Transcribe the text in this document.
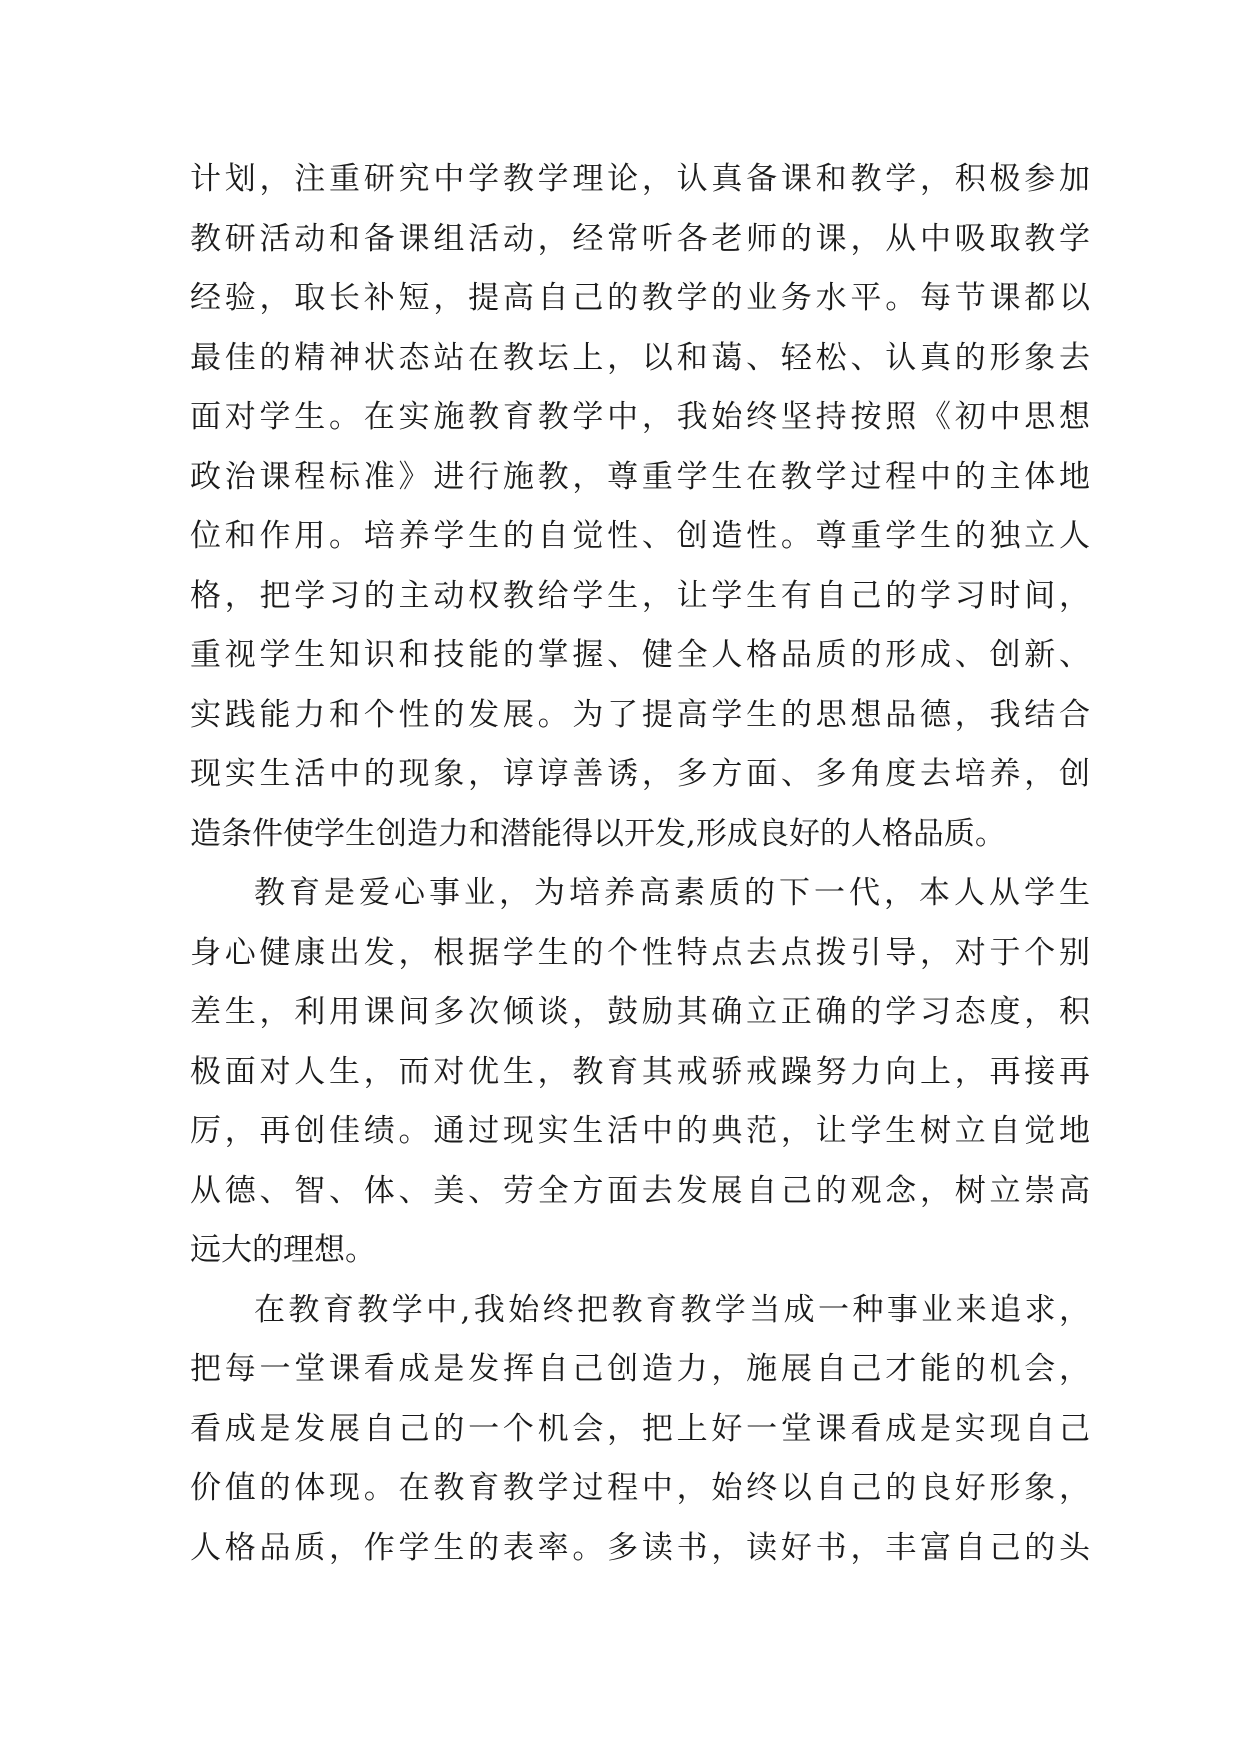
计划，注重研究中学教学理论，认真备课和教学，积极参加
教研活动和备课组活动，经常听各老师的课，从中吸取教学
经验，取长补短，提高自己的教学的业务水平。每节课都以
最佳的精神状态站在教坛上，以和蔼、轻松、认真的形象去
面对学生。在实施教育教学中，我始终坚持按照《初中思想
政治课程标准》进行施教，尊重学生在教学过程中的主体地
位和作用。培养学生的自觉性、创造性。尊重学生的独立人
格，把学习的主动权教给学生，让学生有自己的学习时间，
重视学生知识和技能的掌握、健全人格品质的形成、创新、
实践能力和个性的发展。为了提高学生的思想品德，我结合
现实生活中的现象，谆谆善诱，多方面、多角度去培养，创
造条件使学生创造力和潜能得以开发,形成良好的人格品质。
教育是爱心事业，为培养高素质的下一代，本人从学生
身心健康出发，根据学生的个性特点去点拨引导，对于个别
差生，利用课间多次倾谈，鼓励其确立正确的学习态度，积
极面对人生，而对优生，教育其戒骄戒躁努力向上，再接再
厉，再创佳绩。通过现实生活中的典范，让学生树立自觉地
从德、智、体、美、劳全方面去发展自己的观念，树立崇高
远大的理想。
在教育教学中,我始终把教育教学当成一种事业来追求，
把每一堂课看成是发挥自己创造力，施展自己才能的机会，
看成是发展自己的一个机会，把上好一堂课看成是实现自己
价值的体现。在教育教学过程中，始终以自己的良好形象，
人格品质，作学生的表率。多读书，读好书，丰富自己的头
